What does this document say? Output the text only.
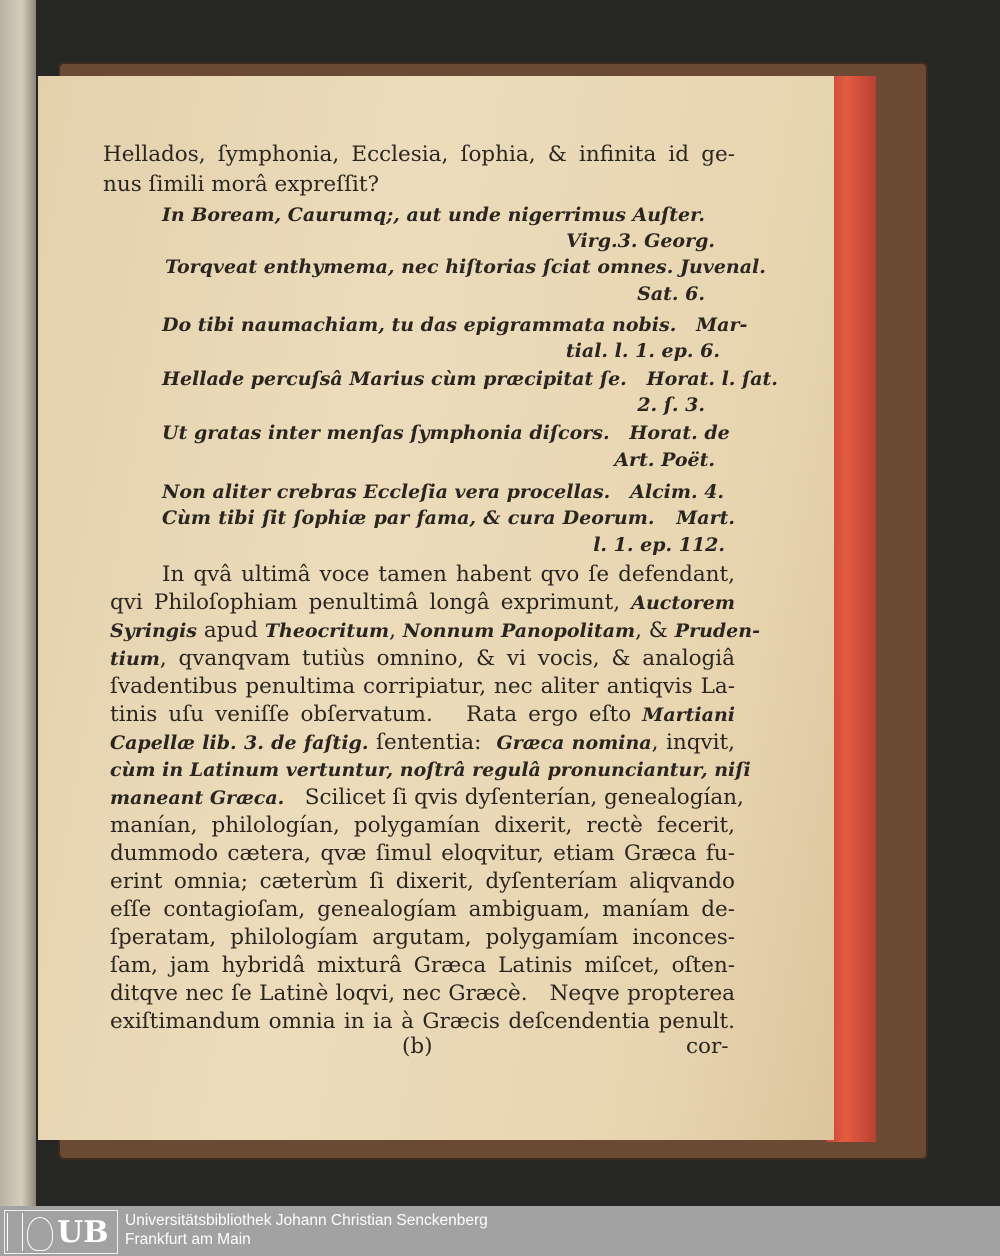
Hellados, ſymphonia, Ecclesia, ſophia, & infinita id ge-
nus ſimili morâ expreſſit?
In Boream, Caurumq;, aut unde nigerrimus Auſter.
Virg.3. Georg.
Torqveat enthymema, nec hiſtorias ſciat omnes. Juvenal.
Sat. 6.
Do tibi naumachiam, tu das epigrammata nobis.   Mar-
tial. l. 1. ep. 6.
Hellade percuſsâ Marius cùm præcipitat ſe.   Horat. l. ſat.
2. ſ. 3.
Ut gratas inter menſas ſymphonia diſcors.   Horat. de
Art. Poët.
Non aliter crebras Eccleſia vera procellas.   Alcim. 4.
Cùm tibi ſit ſophiæ par fama, & cura Deorum.   Mart.
l. 1. ep. 112.
In qvâ ultimâ voce tamen habent qvo ſe defendant,
qvi Philoſophiam penultimâ longâ exprimunt, Auctorem
Syringis apud Theocritum, Nonnum Panopolitam, & Pruden-
tium, qvanqvam tutiùs omnino, & vi vocis, & analogiâ
ſvadentibus penultima corripiatur, nec aliter antiqvis La-
tinis uſu veniſſe obſervatum.   Rata ergo eſto Martiani
Capellæ lib. 3. de faſtig. ſententia:  Græca nomina, inqvit,
cùm in Latinum vertuntur, noſtrâ regulâ pronunciantur, niſi
maneant Græca.   Scilicet ſi qvis dyſenterían, genealogían,
manían, philologían, polygamían dixerit, rectè fecerit,
dummodo cætera, qvæ ſimul eloqvitur, etiam Græca fu-
erint omnia; cæterùm ſi dixerit, dyſenteríam aliqvando
eſſe contagioſam, genealogíam ambiguam, maníam de-
ſperatam, philologíam argutam, polygamíam inconces-
ſam, jam hybridâ mixturâ Græca Latinis miſcet, oſten-
ditqve nec ſe Latinè loqvi, nec Græcè.   Neqve propterea
exiſtimandum omnia in ia à Græcis deſcendentia penult.
(b)	cor-
UB Universitätsbibliothek Johann Christian Senckenberg
Frankfurt am Main
